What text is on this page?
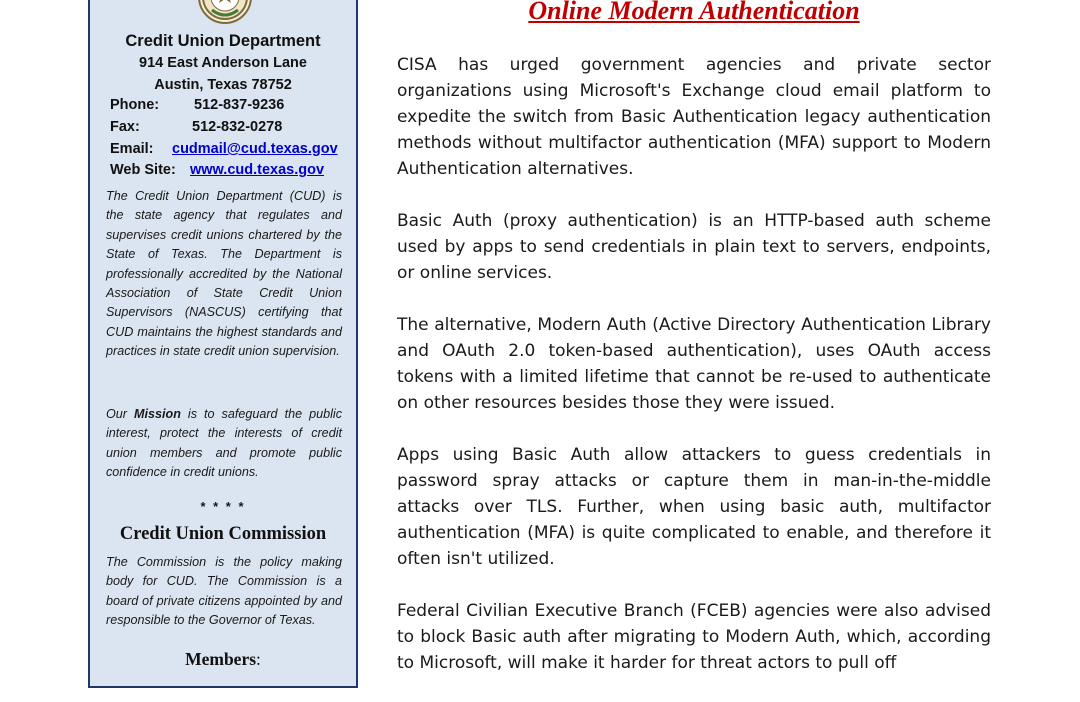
Credit Union Department
914 East Anderson Lane
Austin, Texas 78752
Phone: 512-837-9236
Fax:	512-832-0278
Email: cudmail@cud.texas.gov
Web Site: www.cud.texas.gov

The Credit Union Department (CUD) is the state agency that regulates and supervises credit unions chartered by the State of Texas. The Department is professionally accredited by the National Association of State Credit Union Supervisors (NASCUS) certifying that CUD maintains the highest standards and practices in state credit union supervision.

Our Mission is to safeguard the public interest, protect the interests of credit union members and promote public confidence in credit unions.

* * * *
Credit Union Commission

The Commission is the policy making body for CUD. The Commission is a board of private citizens appointed by and responsible to the Governor of Texas.

Members:
Online Modern Authentication

CISA has urged government agencies and private sector organizations using Microsoft's Exchange cloud email platform to expedite the switch from Basic Authentication legacy authentication methods without multifactor authentication (MFA) support to Modern Authentication alternatives.

Basic Auth (proxy authentication) is an HTTP-based auth scheme used by apps to send credentials in plain text to servers, endpoints, or online services.

The alternative, Modern Auth (Active Directory Authentication Library and OAuth 2.0 token-based authentication), uses OAuth access tokens with a limited lifetime that cannot be re-used to authenticate on other resources besides those they were issued.

Apps using Basic Auth allow attackers to guess credentials in password spray attacks or capture them in man-in-the-middle attacks over TLS. Further, when using basic auth, multifactor authentication (MFA) is quite complicated to enable, and therefore it often isn't utilized.

Federal Civilian Executive Branch (FCEB) agencies were also advised to block Basic auth after migrating to Modern Auth, which, according to Microsoft, will make it harder for threat actors to pull off
